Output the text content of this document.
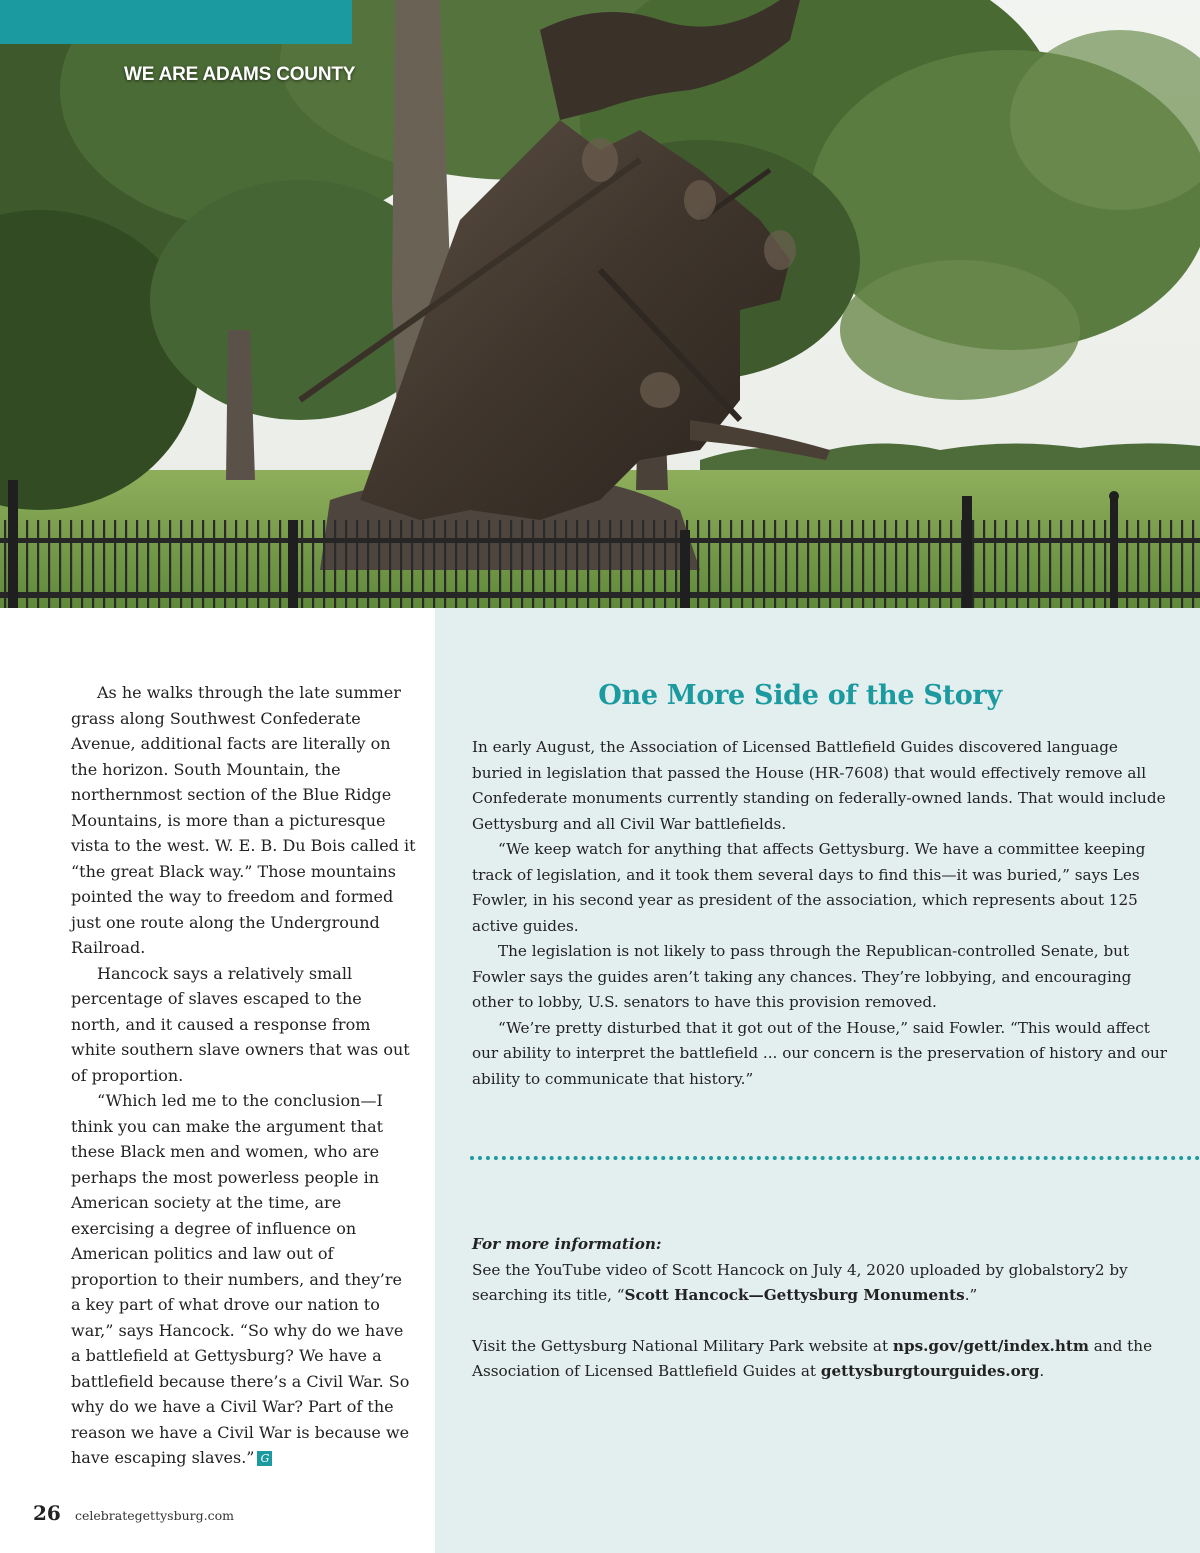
WE ARE ADAMS COUNTY

As he walks through the late summer grass along Southwest Confederate Avenue, additional facts are literally on the horizon. South Mountain, the northernmost section of the Blue Ridge Mountains, is more than a picturesque vista to the west. W. E. B. Du Bois called it “the great Black way.” Those mountains pointed the way to freedom and formed just one route along the Underground Railroad.

Hancock says a relatively small percentage of slaves escaped to the north, and it caused a response from white southern slave owners that was out of proportion.

“Which led me to the conclusion—I think you can make the argument that these Black men and women, who are perhaps the most powerless people in American society at the time, are exercising a degree of influence on American politics and law out of proportion to their numbers, and they’re a key part of what drove our nation to war,” says Hancock. “So why do we have a battlefield at Gettysburg? We have a battlefield because there’s a Civil War. So why do we have a Civil War? Part of the reason we have a Civil War is because we have escaping slaves.” G

One More Side of the Story

In early August, the Association of Licensed Battlefield Guides discovered language buried in legislation that passed the House (HR-7608) that would effectively remove all Confederate monuments currently standing on federally-owned lands. That would include Gettysburg and all Civil War battlefields.

“We keep watch for anything that affects Gettysburg. We have a committee keeping track of legislation, and it took them several days to find this—it was buried,” says Les Fowler, in his second year as president of the association, which represents about 125 active guides.

The legislation is not likely to pass through the Republican-controlled Senate, but Fowler says the guides aren’t taking any chances. They’re lobbying, and encouraging other to lobby, U.S. senators to have this provision removed.

“We’re pretty disturbed that it got out of the House,” said Fowler. “This would affect our ability to interpret the battlefield ... our concern is the preservation of history and our ability to communicate that history.”

For more information:

See the YouTube video of Scott Hancock on July 4, 2020 uploaded by globalstory2 by searching its title, “Scott Hancock—Gettysburg Monuments.”

Visit the Gettysburg National Military Park website at nps.gov/gett/index.htm and the Association of Licensed Battlefield Guides at gettysburgtourguides.org.

26 celebrategettysburg.com
